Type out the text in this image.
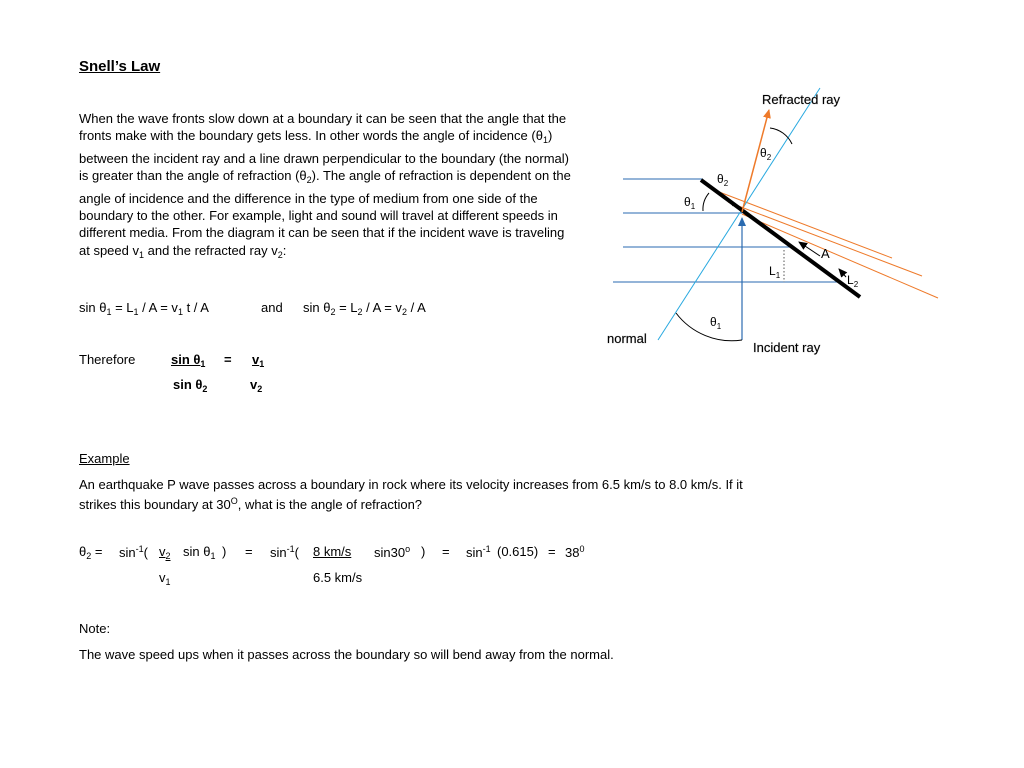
Snell’s Law
When the wave fronts slow down at a boundary it can be seen that the angle that the fronts make with the boundary gets less. In other words the angle of incidence $(\theta_1)$ between the incident ray and a line drawn perpendicular to the boundary (the normal) is greater than the angle of refraction $(\theta_2)$. The angle of refraction is dependent on the angle of incidence and the difference in the type of medium from one side of the boundary to the other. For example, light and sound will travel at different speeds in different media. From the diagram it can be seen that if the incident wave is traveling at speed $v_1$ and the refracted ray $v_2$:
$\sin \theta_1 = L_1 / A = v_1$ t / A	and $\sin \theta_2 = L_2 / A = v_2 / A$
Therefore	$\sin \theta_1 = v_1$
$\sin \theta_2$	$v_2$
Example
An earthquake P wave passes across a boundary in rock where its velocity increases from 6.5 km/s to 8.0 km/s. If it strikes this boundary at $30^O$, what is the angle of refraction?
$\theta_2 = \sin^{-1}$( $v_2$ $\sin \theta_1$ ) = $\sin^{-1}$( 8 km/s sin30$^o$ ) = $\sin^{-1} (0.615) = 38^0$
$v_1$	6.5 km/s
Note:
The wave speed ups when it passes across the boundary so will bend away from the normal.
Refracted ray
Incident ray
normal
$\theta_2$
$\theta_2$
$\theta_1$
$\theta_1$
A
$L_1$	$L_2$
